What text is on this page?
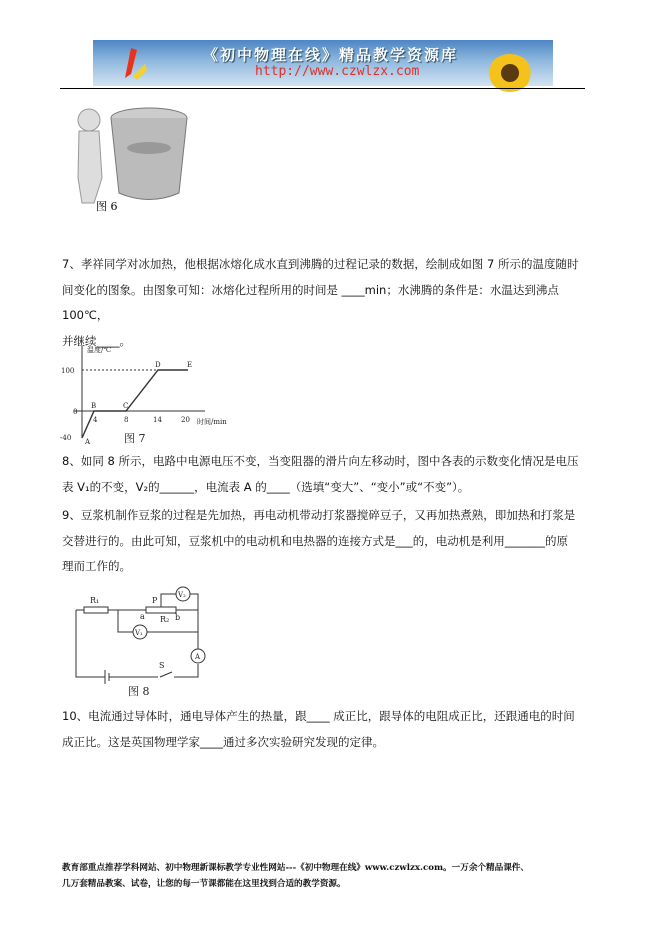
《初中物理在线》精品教学资源库
http://www.czwlzx.com
图 6
7、孝祥同学对冰加热，他根据冰熔化成水直到沸腾的过程记录的数据，绘制成如图 7 所示的温度随时
间变化的图象。由图象可知：冰熔化过程所用的时间是 ____min；水沸腾的条件是：水温达到沸点 100℃，
并继续____。
温度/℃
时间/min
100
0
-40
4	8	14	20
A
B	C
D	E
图 7
8、如同 8 所示，电路中电源电压不变，当变阻器的滑片向左移动时，图中各表的示数变化情况是电压
表 V₁的不变，V₂的______，电流表 A 的____（选填“变大”、“变小”或“不变”）。
9、豆浆机制作豆浆的过程是先加热，再电动机带动打浆器搅碎豆子，又再加热煮熟，即加热和打浆是
交替进行的。由此可知，豆浆机中的电动机和电热器的连接方式是___的，电动机是利用_______的原
理而工作的。
R₁	P
R₂
a	b
V₁
V₂
A
S
图 8
10、电流通过导体时，通电导体产生的热量，跟____ 成正比，跟导体的电阻成正比，还跟通电的时间
成正比。这是英国物理学家____通过多次实验研究发现的定律。
教育部重点推荐学科网站、初中物理新课标教学专业性网站---《初中物理在线》www.czwlzx.com。一万余个精品课件、
几万套精品教案、试卷，让您的每一节课都能在这里找到合适的教学资源。
